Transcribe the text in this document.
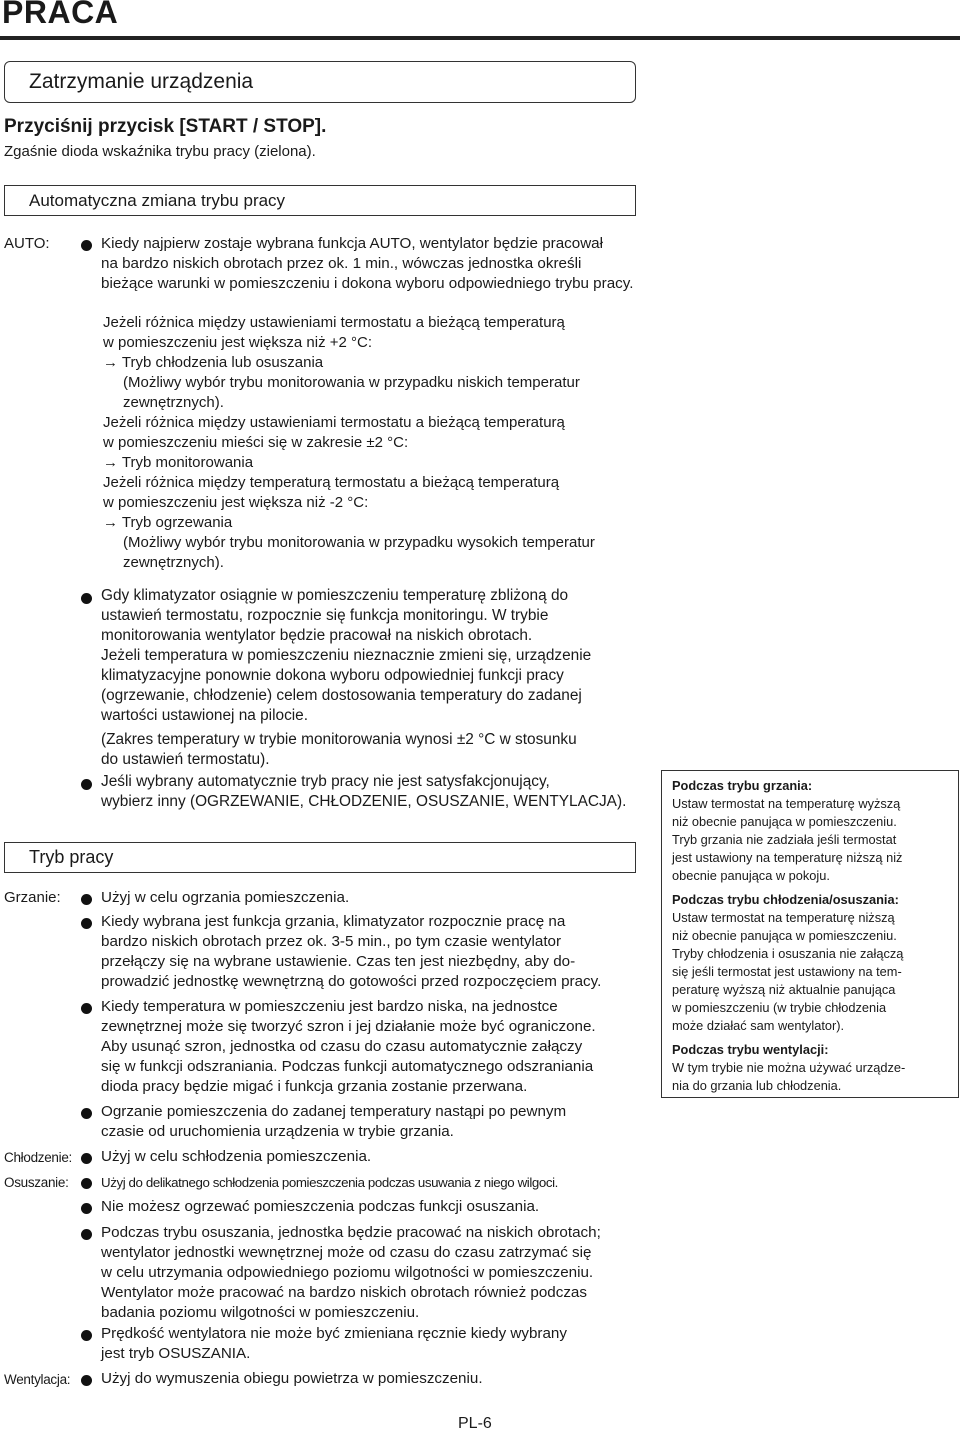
PRACA
Zatrzymanie urządzenia
Przyciśnij przycisk [START / STOP].
Zgaśnie dioda wskaźnika trybu pracy (zielona).
Automatyczna zmiana trybu pracy
AUTO:	Kiedy najpierw zostaje wybrana funkcja AUTO, wentylator będzie pracował
na bardzo niskich obrotach przez ok. 1 min., wówczas jednostka określi
bieżące warunki w pomieszczeniu i dokona wyboru odpowiedniego trybu pracy.
Jeżeli różnica między ustawieniami termostatu a bieżącą temperaturą
w pomieszczeniu jest większa niż +2 °C:
→ Tryb chłodzenia lub osuszania
(Możliwy wybór trybu monitorowania w przypadku niskich temperatur
zewnętrznych).
Jeżeli różnica między ustawieniami termostatu a bieżącą temperaturą
w pomieszczeniu mieści się w zakresie ±2 °C:
→ Tryb monitorowania
Jeżeli różnica między temperaturą termostatu a bieżącą temperaturą
w pomieszczeniu jest większa niż -2 °C:
→ Tryb ogrzewania
(Możliwy wybór trybu monitorowania w przypadku wysokich temperatur
zewnętrznych).
Gdy klimatyzator osiągnie w pomieszczeniu temperaturę zbliżoną do
ustawień termostatu, rozpocznie się funkcja monitoringu. W trybie
monitorowania wentylator będzie pracował na niskich obrotach.
Jeżeli temperatura w pomieszczeniu nieznacznie zmieni się, urządzenie
klimatyzacyjne ponownie dokona wyboru odpowiedniej funkcji pracy
(ogrzewanie, chłodzenie) celem dostosowania temperatury do zadanej
wartości ustawionej na pilocie.
(Zakres temperatury w trybie monitorowania wynosi ±2 °C w stosunku
do ustawień termostatu).
Jeśli wybrany automatycznie tryb pracy nie jest satysfakcjonujący,
wybierz inny (OGRZEWANIE, CHŁODZENIE, OSUSZANIE, WENTYLACJA).
Tryb pracy
Grzanie:	Użyj w celu ogrzania pomieszczenia.
Kiedy wybrana jest funkcja grzania, klimatyzator rozpocznie pracę na
bardzo niskich obrotach przez ok. 3-5 min., po tym czasie wentylator
przełączy się na wybrane ustawienie. Czas ten jest niezbędny, aby do-
prowadzić jednostkę wewnętrzną do gotowości przed rozpoczęciem pracy.
Kiedy temperatura w pomieszczeniu jest bardzo niska, na jednostce
zewnętrznej może się tworzyć szron i jej działanie może być ograniczone.
Aby usunąć szron, jednostka od czasu do czasu automatycznie załączy
się w funkcji odszraniania. Podczas funkcji automatycznego odszraniania
dioda pracy będzie migać i funkcja grzania zostanie przerwana.
Ogrzanie pomieszczenia do zadanej temperatury nastąpi po pewnym
czasie od uruchomienia urządzenia w trybie grzania.
Chłodzenie: Użyj w celu schłodzenia pomieszczenia.
Osuszanie: Użyj do delikatnego schłodzenia pomieszczenia podczas usuwania z niego wilgoci.
Nie możesz ogrzewać pomieszczenia podczas funkcji osuszania.
Podczas trybu osuszania, jednostka będzie pracować na niskich obrotach;
wentylator jednostki wewnętrznej może od czasu do czasu zatrzymać się
w celu utrzymania odpowiedniego poziomu wilgotności w pomieszczeniu.
Wentylator może pracować na bardzo niskich obrotach również podczas
badania poziomu wilgotności w pomieszczeniu.
Prędkość wentylatora nie może być zmieniana ręcznie kiedy wybrany
jest tryb OSUSZANIA.
Wentylacja: Użyj do wymuszenia obiegu powietrza w pomieszczeniu.
Podczas trybu grzania:
Ustaw termostat na temperaturę wyższą
niż obecnie panująca w pomieszczeniu.
Tryb grzania nie zadziała jeśli termostat
jest ustawiony na temperaturę niższą niż
obecnie panująca w pokoju.
Podczas trybu chłodzenia/osuszania:
Ustaw termostat na temperaturę niższą
niż obecnie panująca w pomieszczeniu.
Tryby chłodzenia i osuszania nie załączą
się jeśli termostat jest ustawiony na tem-
peraturę wyższą niż aktualnie panująca
w pomieszczeniu (w trybie chłodzenia
może działać sam wentylator).
Podczas trybu wentylacji:
W tym trybie nie można używać urządze-
nia do grzania lub chłodzenia.
PL-6
